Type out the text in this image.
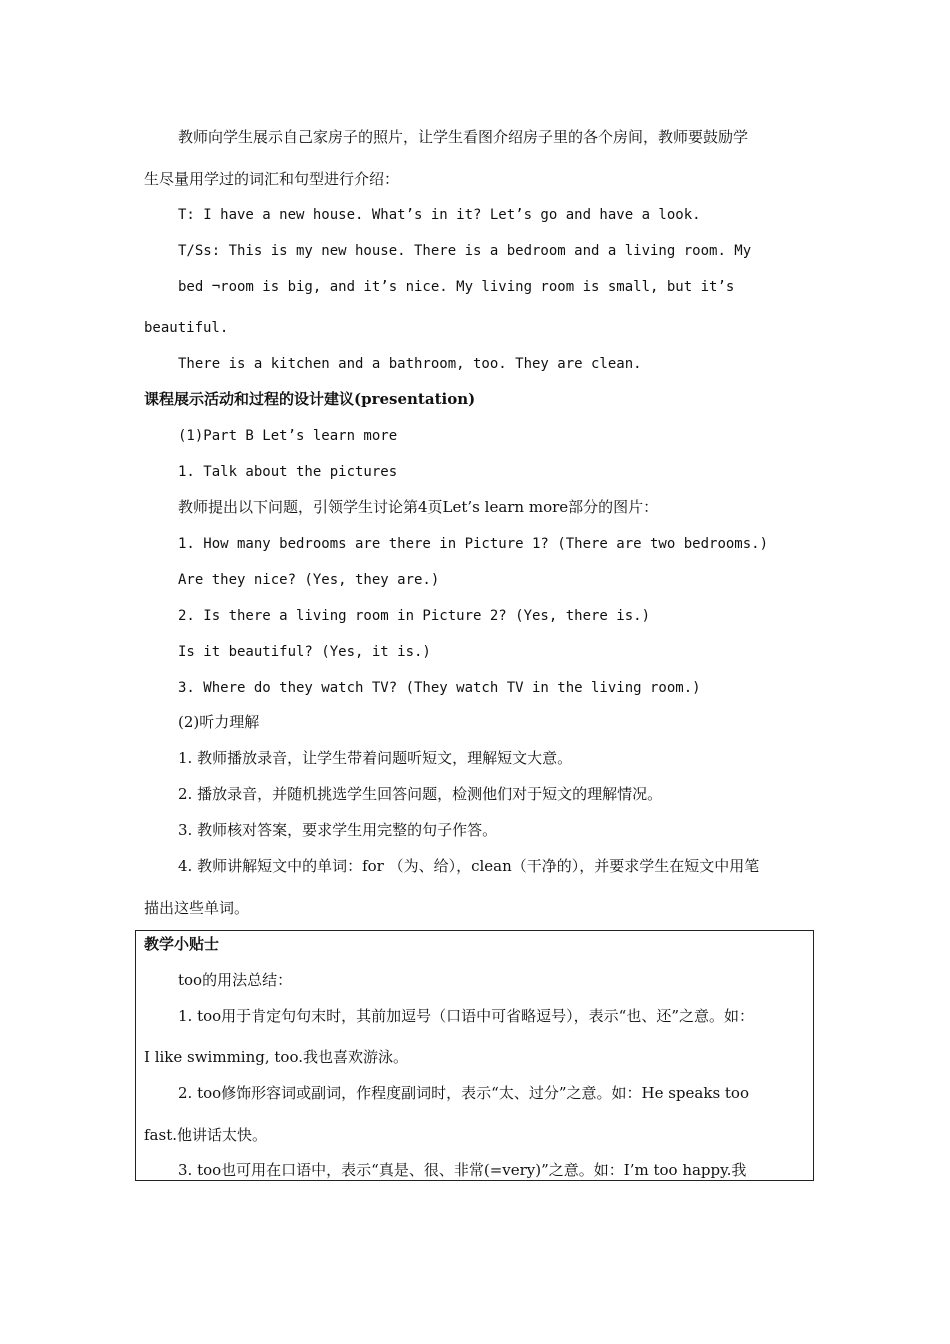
教师向学生展示自己家房子的照片，让学生看图介绍房子里的各个房间，教师要鼓励学
生尽量用学过的词汇和句型进行介绍：
T: I have a new house. What’s in it? Let’s go and have a look.
T/Ss: This is my new house. There is a bedroom and a living room. My
bed ¬room is big, and it’s nice. My living room is small, but it’s
beautiful.
There is a kitchen and a bathroom, too. They are clean.
课程展示活动和过程的设计建议(presentation)
(1)Part B Let’s learn more
1. Talk about the pictures
教师提出以下问题，引领学生讨论第4页Let’s learn more部分的图片：
1. How many bedrooms are there in Picture 1? (There are two bedrooms.)
Are they nice? (Yes, they are.)
2. Is there a living room in Picture 2? (Yes, there is.)
Is it beautiful? (Yes, it is.)
3. Where do they watch TV? (They watch TV in the living room.)
(2)听力理解
1. 教师播放录音，让学生带着问题听短文，理解短文大意。
2. 播放录音，并随机挑选学生回答问题，检测他们对于短文的理解情况。
3. 教师核对答案，要求学生用完整的句子作答。
4. 教师讲解短文中的单词：for （为、给），clean（干净的），并要求学生在短文中用笔
描出这些单词。
教学小贴士
too的用法总结：
1. too用于肯定句句末时，其前加逗号（口语中可省略逗号），表示“也、还”之意。如：
I like swimming, too.我也喜欢游泳。
2. too修饰形容词或副词，作程度副词时，表示“太、过分”之意。如：He speaks too
fast.他讲话太快。
3. too也可用在口语中，表示“真是、很、非常(=very)”之意。如：I’m too happy.我
